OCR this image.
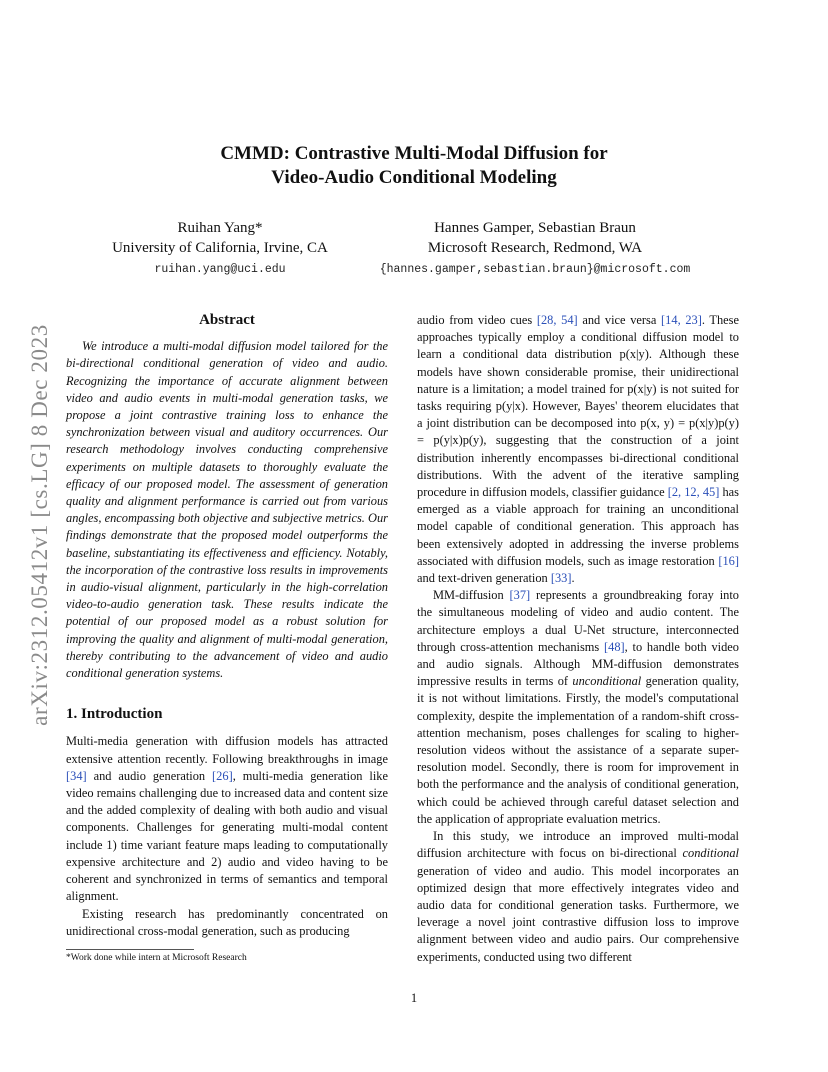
arXiv:2312.05412v1 [cs.LG] 8 Dec 2023
CMMD: Contrastive Multi-Modal Diffusion for
Video-Audio Conditional Modeling
Ruihan Yang*
University of California, Irvine, CA
ruihan.yang@uci.edu
Hannes Gamper, Sebastian Braun
Microsoft Research, Redmond, WA
{hannes.gamper,sebastian.braun}@microsoft.com
Abstract

We introduce a multi-modal diffusion model tailored for the bi-directional conditional generation of video and audio. Recognizing the importance of accurate alignment between video and audio events in multi-modal generation tasks, we propose a joint contrastive training loss to enhance the synchronization between visual and auditory occurrences. Our research methodology involves conducting comprehensive experiments on multiple datasets to thoroughly evaluate the efficacy of our proposed model. The assessment of generation quality and alignment performance is carried out from various angles, encompassing both objective and subjective metrics. Our findings demonstrate that the proposed model outperforms the baseline, substantiating its effectiveness and efficiency. Notably, the incorporation of the contrastive loss results in improvements in audio-visual alignment, particularly in the high-correlation video-to-audio generation task. These results indicate the potential of our proposed model as a robust solution for improving the quality and alignment of multi-modal generation, thereby contributing to the advancement of video and audio conditional generation systems.

1. Introduction

Multi-media generation with diffusion models has attracted extensive attention recently. Following breakthroughs in image [34] and audio generation [26], multi-media generation like video remains challenging due to increased data and content size and the added complexity of dealing with both audio and visual components. Challenges for generating multi-modal content include 1) time variant feature maps leading to computationally expensive architecture and 2) audio and video having to be coherent and synchronized in terms of semantics and temporal alignment.

Existing research has predominantly concentrated on unidirectional cross-modal generation, such as producing

audio from video cues [28, 54] and vice versa [14, 23]. These approaches typically employ a conditional diffusion model to learn a conditional data distribution p(x|y). Although these models have shown considerable promise, their unidirectional nature is a limitation; a model trained for p(x|y) is not suited for tasks requiring p(y|x). However, Bayes' theorem elucidates that a joint distribution can be decomposed into p(x, y) = p(x|y)p(y) = p(y|x)p(y), suggesting that the construction of a joint distribution inherently encompasses bi-directional conditional distributions. With the advent of the iterative sampling procedure in diffusion models, classifier guidance [2, 12, 45] has emerged as a viable approach for training an unconditional model capable of conditional generation. This approach has been extensively adopted in addressing the inverse problems associated with diffusion models, such as image restoration [16] and text-driven generation [33].

MM-diffusion [37] represents a groundbreaking foray into the simultaneous modeling of video and audio content. The architecture employs a dual U-Net structure, interconnected through cross-attention mechanisms [48], to handle both video and audio signals. Although MM-diffusion demonstrates impressive results in terms of unconditional generation quality, it is not without limitations. Firstly, the model's computational complexity, despite the implementation of a random-shift cross-attention mechanism, poses challenges for scaling to higher-resolution videos without the assistance of a separate super-resolution model. Secondly, there is room for improvement in both the performance and the analysis of conditional generation, which could be achieved through careful dataset selection and the application of appropriate evaluation metrics.

In this study, we introduce an improved multi-modal diffusion architecture with focus on bi-directional conditional generation of video and audio. This model incorporates an optimized design that more effectively integrates video and audio data for conditional generation tasks. Furthermore, we leverage a novel joint contrastive diffusion loss to improve alignment between video and audio pairs. Our comprehensive experiments, conducted using two different

*Work done while intern at Microsoft Research
1
